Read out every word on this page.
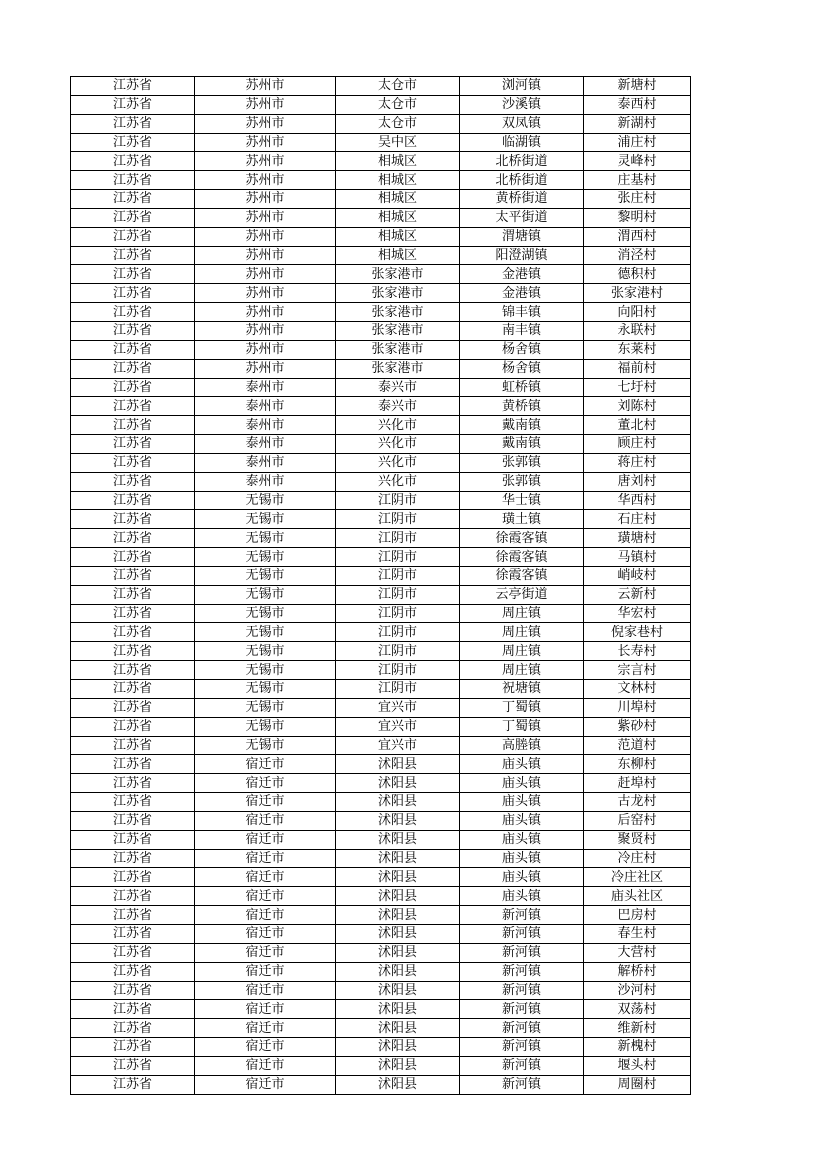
江苏省	苏州市	太仓市	浏河镇	新塘村
江苏省	苏州市	太仓市	沙溪镇	泰西村
江苏省	苏州市	太仓市	双凤镇	新湖村
江苏省	苏州市	吴中区	临湖镇	浦庄村
江苏省	苏州市	相城区	北桥街道	灵峰村
江苏省	苏州市	相城区	北桥街道	庄基村
江苏省	苏州市	相城区	黄桥街道	张庄村
江苏省	苏州市	相城区	太平街道	黎明村
江苏省	苏州市	相城区	渭塘镇	渭西村
江苏省	苏州市	相城区	阳澄湖镇	消泾村
江苏省	苏州市	张家港市	金港镇	德积村
江苏省	苏州市	张家港市	金港镇	张家港村
江苏省	苏州市	张家港市	锦丰镇	向阳村
江苏省	苏州市	张家港市	南丰镇	永联村
江苏省	苏州市	张家港市	杨舍镇	东莱村
江苏省	苏州市	张家港市	杨舍镇	福前村
江苏省	泰州市	泰兴市	虹桥镇	七圩村
江苏省	泰州市	泰兴市	黄桥镇	刘陈村
江苏省	泰州市	兴化市	戴南镇	董北村
江苏省	泰州市	兴化市	戴南镇	顾庄村
江苏省	泰州市	兴化市	张郭镇	蒋庄村
江苏省	泰州市	兴化市	张郭镇	唐刘村
江苏省	无锡市	江阴市	华士镇	华西村
江苏省	无锡市	江阴市	璜土镇	石庄村
江苏省	无锡市	江阴市	徐霞客镇	璜塘村
江苏省	无锡市	江阴市	徐霞客镇	马镇村
江苏省	无锡市	江阴市	徐霞客镇	峭岐村
江苏省	无锡市	江阴市	云亭街道	云新村
江苏省	无锡市	江阴市	周庄镇	华宏村
江苏省	无锡市	江阴市	周庄镇	倪家巷村
江苏省	无锡市	江阴市	周庄镇	长寿村
江苏省	无锡市	江阴市	周庄镇	宗言村
江苏省	无锡市	江阴市	祝塘镇	文林村
江苏省	无锡市	宜兴市	丁蜀镇	川埠村
江苏省	无锡市	宜兴市	丁蜀镇	紫砂村
江苏省	无锡市	宜兴市	高塍镇	范道村
江苏省	宿迁市	沭阳县	庙头镇	东柳村
江苏省	宿迁市	沭阳县	庙头镇	赶埠村
江苏省	宿迁市	沭阳县	庙头镇	古龙村
江苏省	宿迁市	沭阳县	庙头镇	后窑村
江苏省	宿迁市	沭阳县	庙头镇	聚贤村
江苏省	宿迁市	沭阳县	庙头镇	冷庄村
江苏省	宿迁市	沭阳县	庙头镇	冷庄社区
江苏省	宿迁市	沭阳县	庙头镇	庙头社区
江苏省	宿迁市	沭阳县	新河镇	巴房村
江苏省	宿迁市	沭阳县	新河镇	春生村
江苏省	宿迁市	沭阳县	新河镇	大营村
江苏省	宿迁市	沭阳县	新河镇	解桥村
江苏省	宿迁市	沭阳县	新河镇	沙河村
江苏省	宿迁市	沭阳县	新河镇	双荡村
江苏省	宿迁市	沭阳县	新河镇	维新村
江苏省	宿迁市	沭阳县	新河镇	新槐村
江苏省	宿迁市	沭阳县	新河镇	堰头村
江苏省	宿迁市	沭阳县	新河镇	周圈村
